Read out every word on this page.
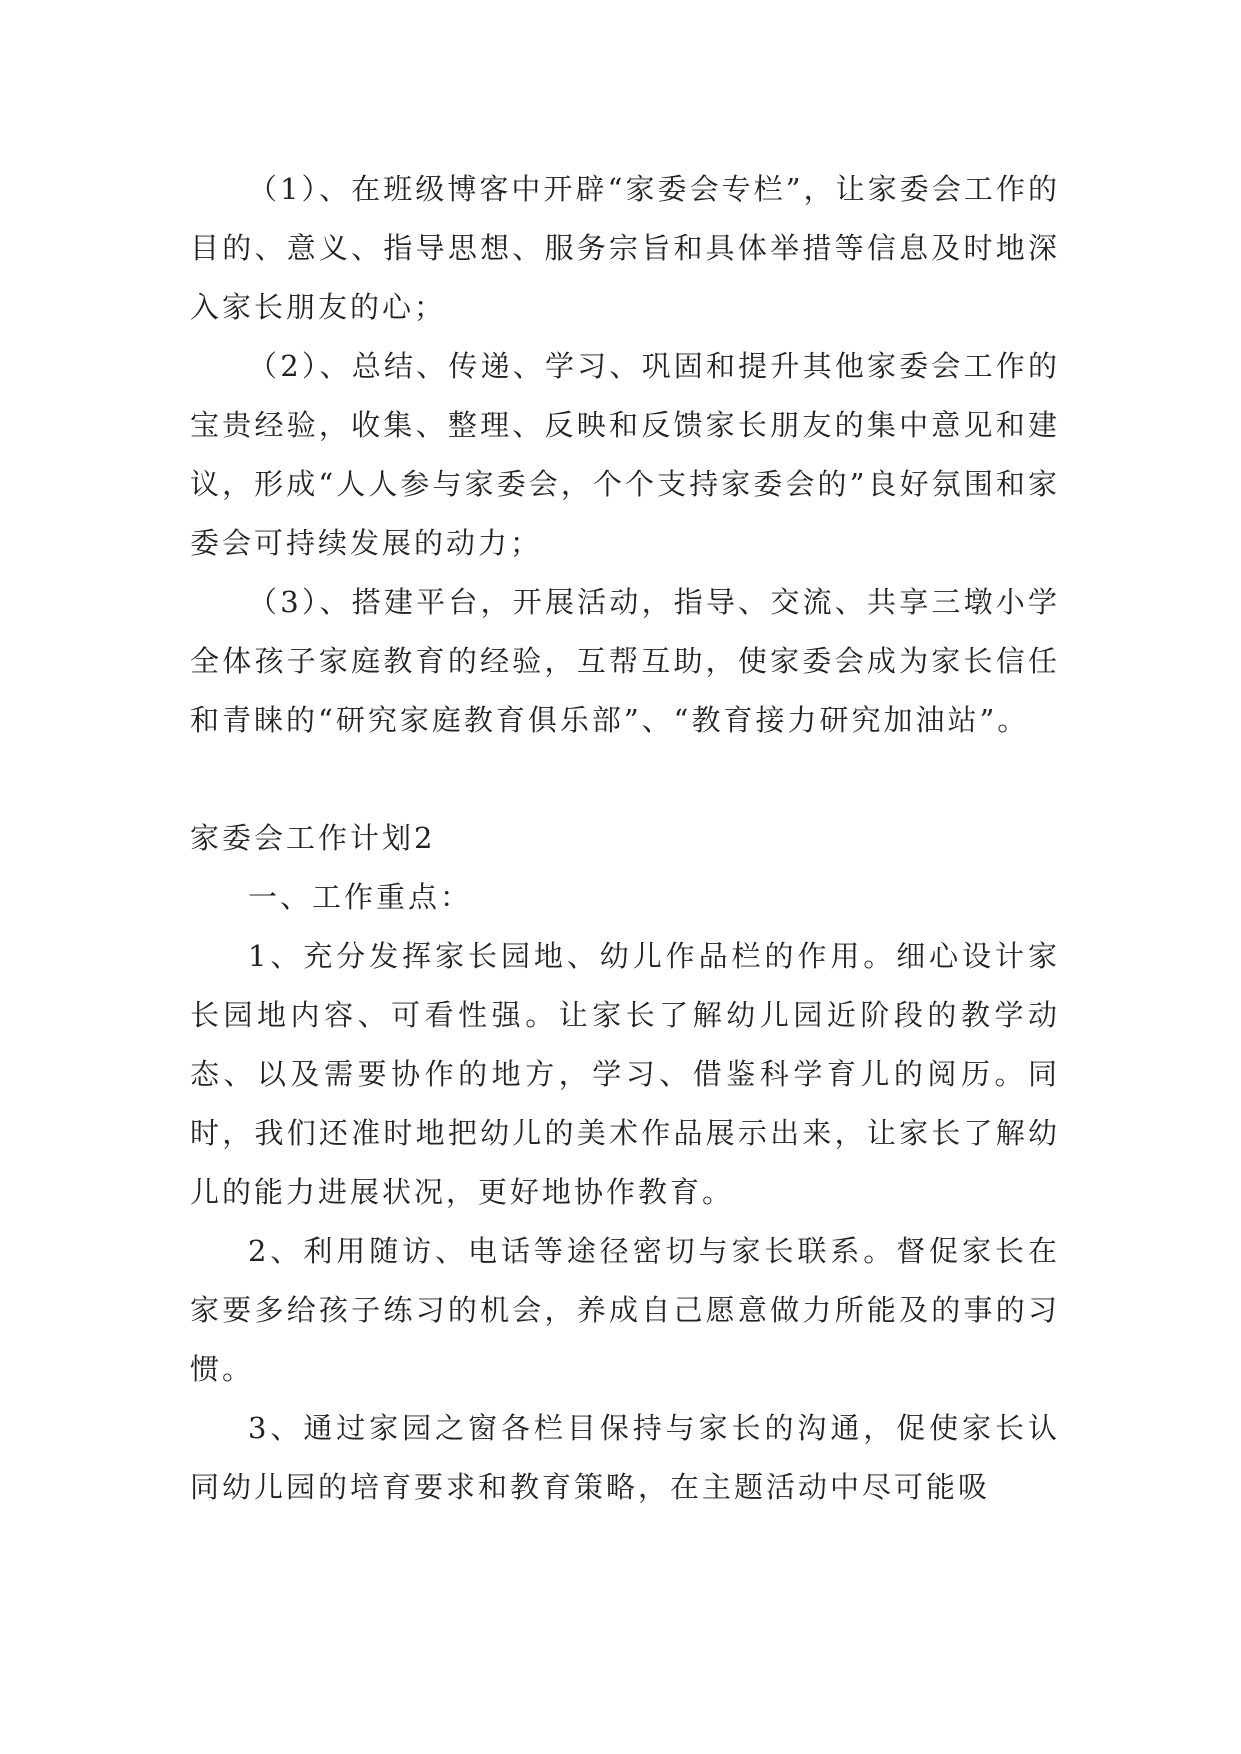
（1）、在班级博客中开辟“家委会专栏”，让家委会工作的目的、意义、指导思想、服务宗旨和具体举措等信息及时地深入家长朋友的心；

（2）、总结、传递、学习、巩固和提升其他家委会工作的宝贵经验，收集、整理、反映和反馈家长朋友的集中意见和建议，形成“人人参与家委会，个个支持家委会的”良好氛围和家委会可持续发展的动力；

（3）、搭建平台，开展活动，指导、交流、共享三墩小学全体孩子家庭教育的经验，互帮互助，使家委会成为家长信任和青睐的“研究家庭教育俱乐部”、“教育接力研究加油站”。

家委会工作计划2

一、工作重点：

1、充分发挥家长园地、幼儿作品栏的作用。细心设计家长园地内容、可看性强。让家长了解幼儿园近阶段的教学动态、以及需要协作的地方，学习、借鉴科学育儿的阅历。同时，我们还准时地把幼儿的美术作品展示出来，让家长了解幼儿的能力进展状况，更好地协作教育。

2、利用随访、电话等途径密切与家长联系。督促家长在家要多给孩子练习的机会，养成自己愿意做力所能及的事的习惯。

3、通过家园之窗各栏目保持与家长的沟通，促使家长认同幼儿园的培育要求和教育策略，在主题活动中尽可能吸
